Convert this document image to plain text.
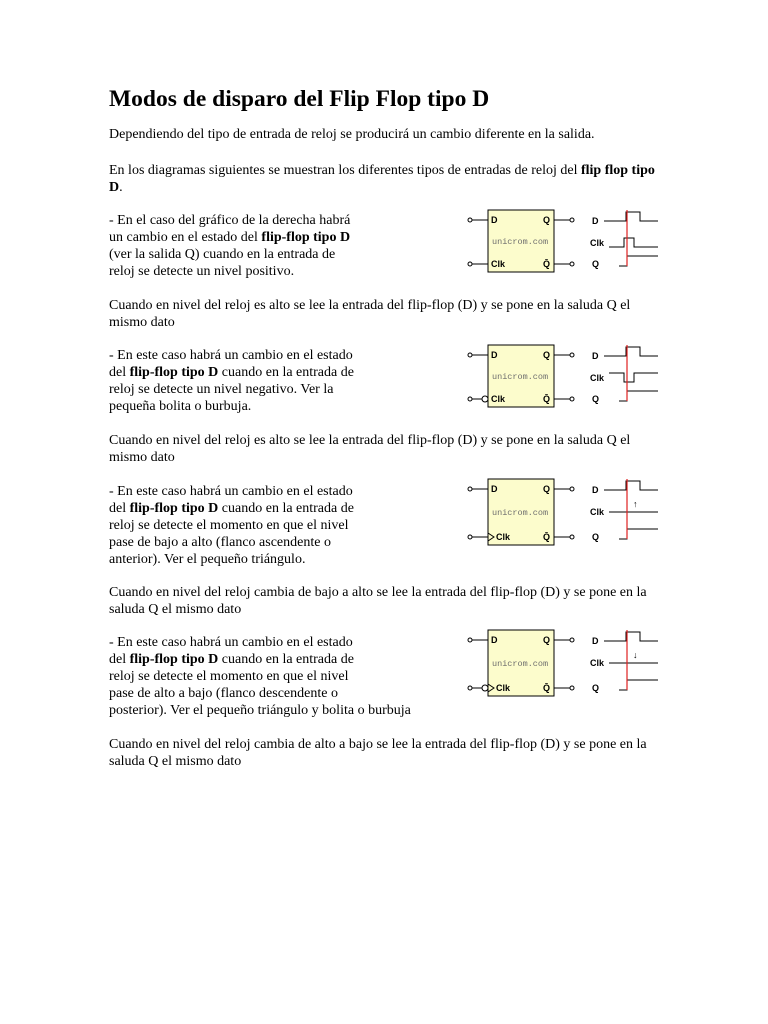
Modos de disparo del Flip Flop tipo D

Dependiendo del tipo de entrada de reloj se producirá un cambio diferente en la salida.

En los diagramas siguientes se muestran los diferentes tipos de entradas de reloj del flip flop tipo D.

- En el caso del gráfico de la derecha habrá
un cambio en el estado del flip-flop tipo D
(ver la salida Q) cuando en la entrada de
reloj se detecte un nivel positivo.

D	Q
Clk	Q̄
unicrom.com
D
Clk
Q

Cuando en nivel del reloj es alto se lee la entrada del flip-flop (D) y se pone en la saluda Q el mismo dato

- En este caso habrá un cambio en el estado
del flip-flop tipo D cuando en la entrada de
reloj se detecte un nivel negativo. Ver la
pequeña bolita o burbuja.

D	Q
Clk	Q̄
unicrom.com
D
Clk
Q

Cuando en nivel del reloj es alto se lee la entrada del flip-flop (D) y se pone en la saluda Q el mismo dato

- En este caso habrá un cambio en el estado
del flip-flop tipo D cuando en la entrada de
reloj se detecte el momento en que el nivel
pase de bajo a alto (flanco ascendente o
anterior). Ver el pequeño triángulo.

D	Q
Clk	Q̄
unicrom.com
D
Clk
Q
↑

Cuando en nivel del reloj cambia de bajo a alto se lee la entrada del flip-flop (D) y se pone en la saluda Q el mismo dato

- En este caso habrá un cambio en el estado
del flip-flop tipo D cuando en la entrada de
reloj se detecte el momento en que el nivel
pase de alto a bajo (flanco descendente o
posterior). Ver el pequeño triángulo y bolita o burbuja

D	Q
Clk	Q̄
unicrom.com
D
Clk
Q
↓

Cuando en nivel del reloj cambia de alto a bajo se lee la entrada del flip-flop (D) y se pone en la saluda Q el mismo dato
